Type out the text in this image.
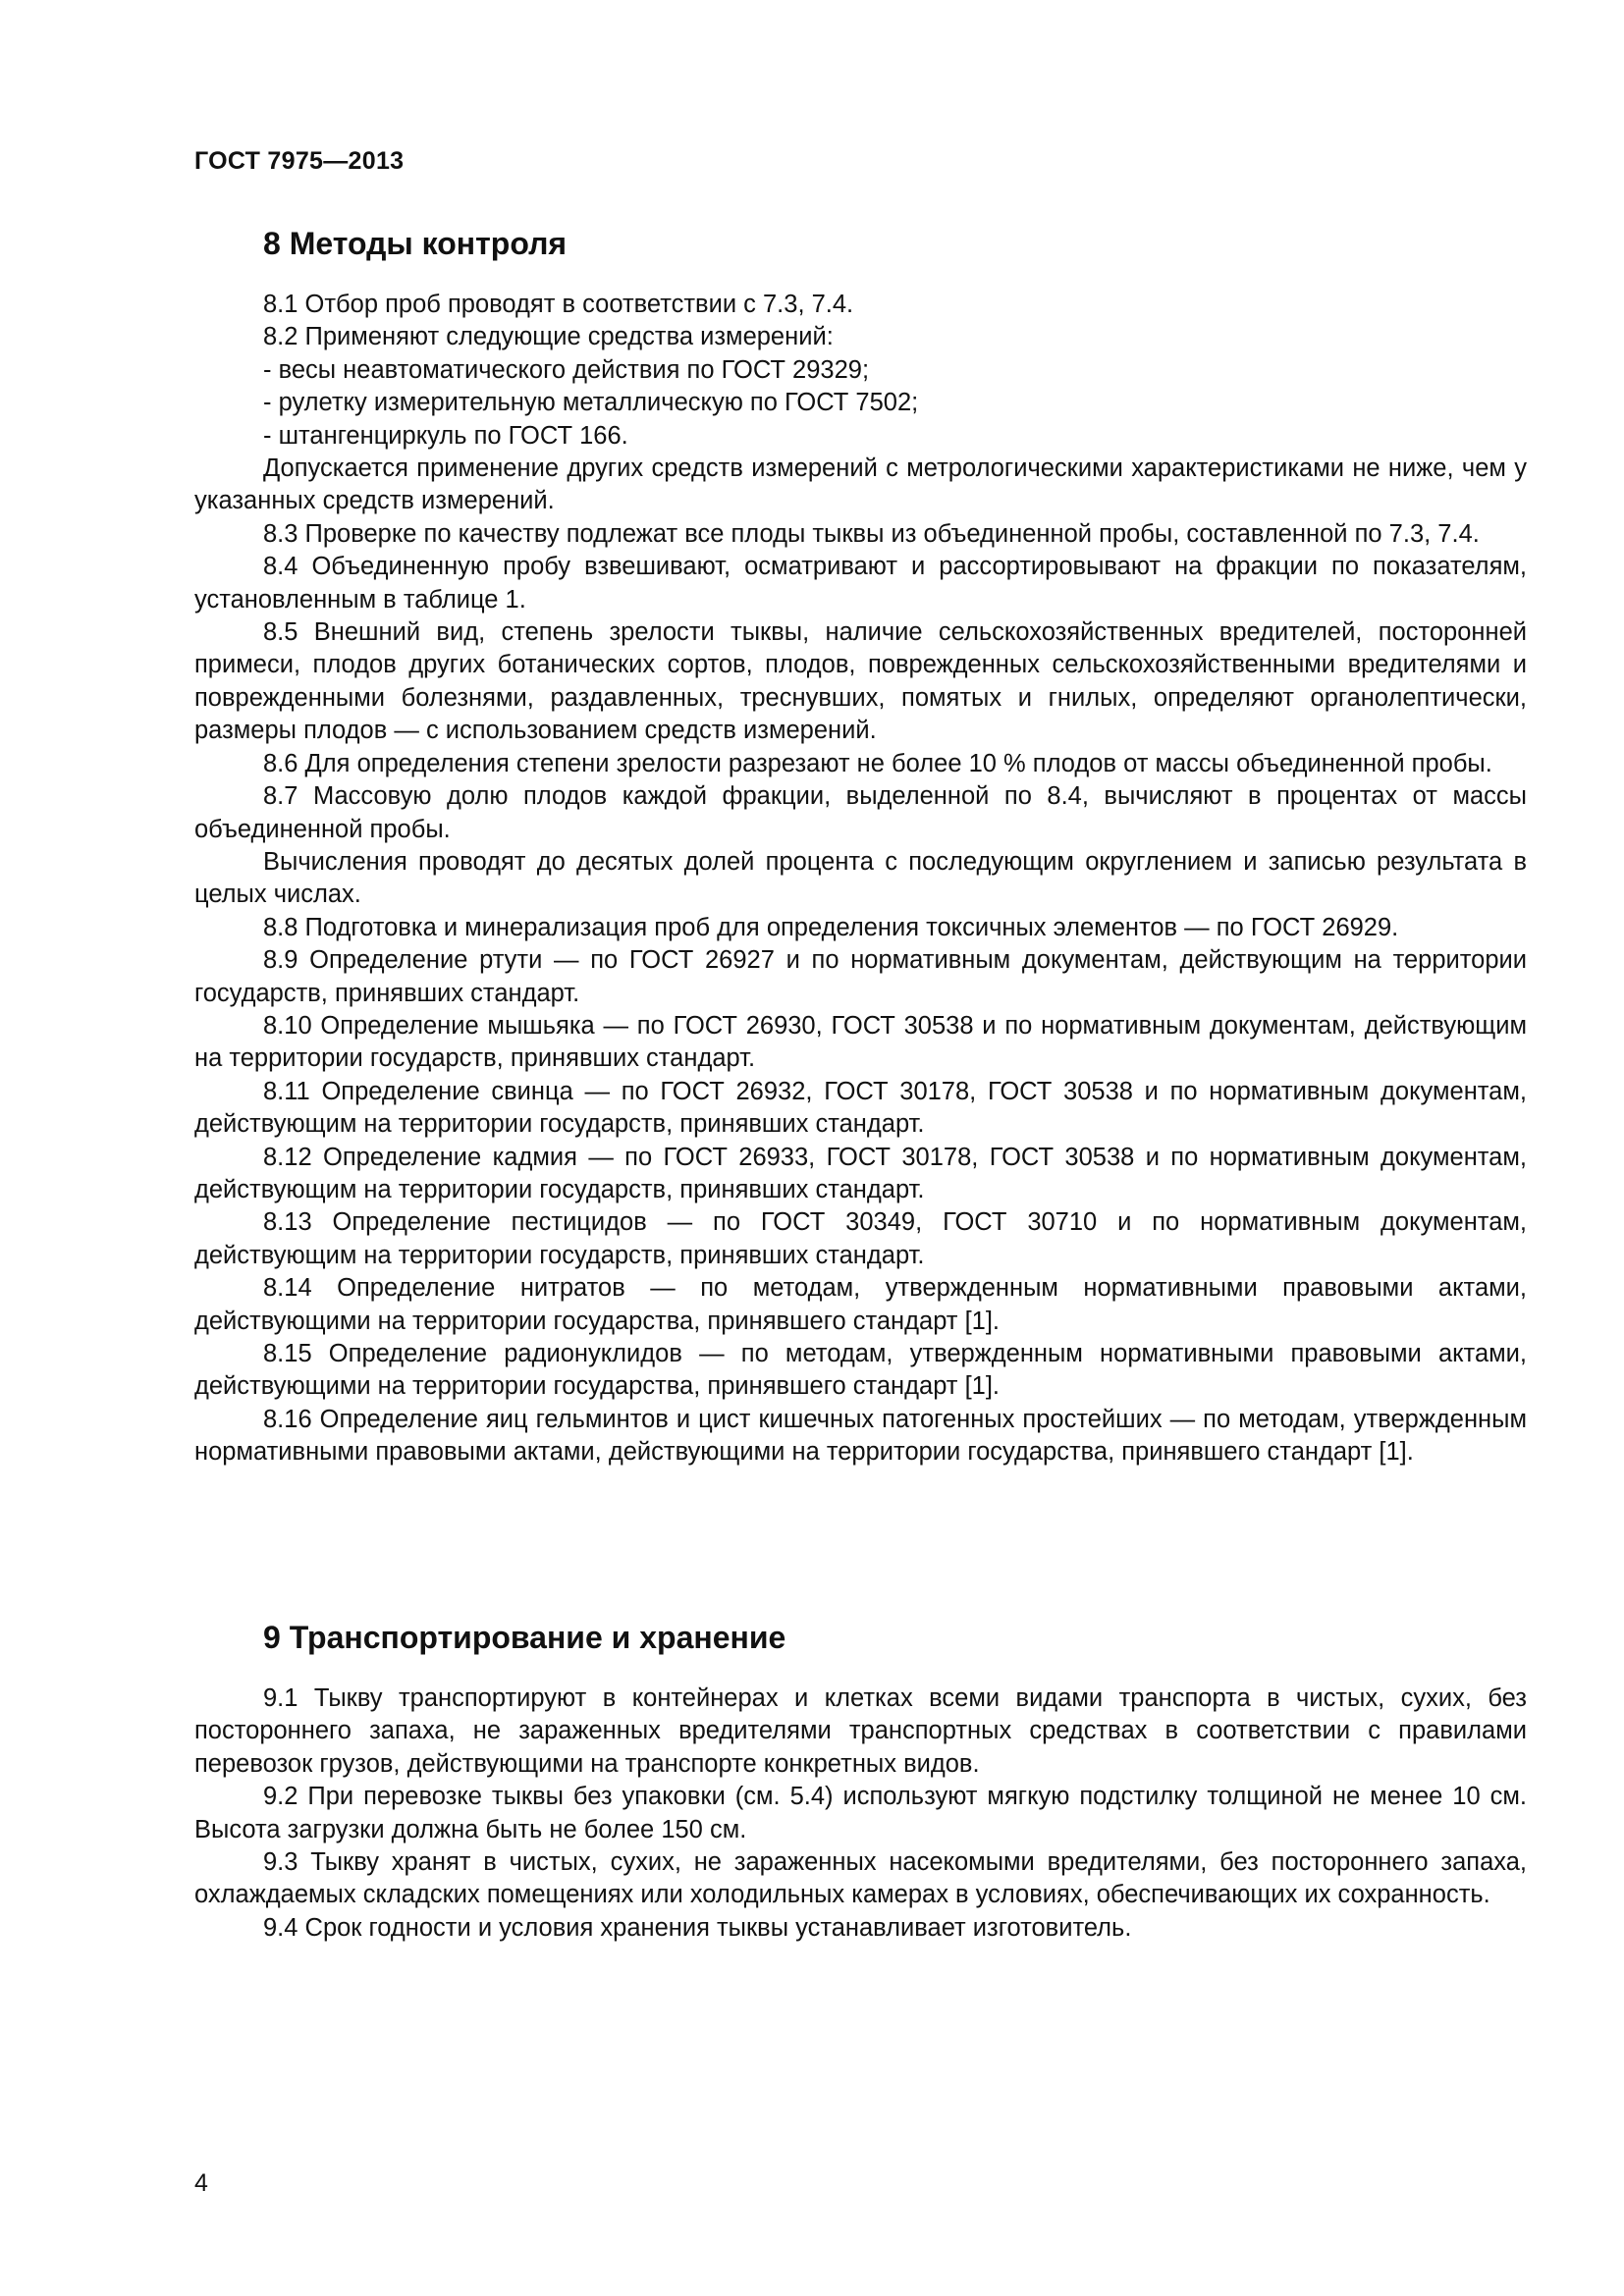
ГОСТ 7975—2013
8 Методы контроля

8.1 Отбор проб проводят в соответствии с 7.3, 7.4.

8.2 Применяют следующие средства измерений:

- весы неавтоматического действия по ГОСТ 29329;

- рулетку измерительную металлическую по ГОСТ 7502;

- штангенциркуль по ГОСТ 166.

Допускается применение других средств измерений с метрологическими характеристиками не ниже, чем у указанных средств измерений.

8.3 Проверке по качеству подлежат все плоды тыквы из объединенной пробы, составленной по 7.3, 7.4.

8.4 Объединенную пробу взвешивают, осматривают и рассортировывают на фракции по показателям, установленным в таблице 1.

8.5 Внешний вид, степень зрелости тыквы, наличие сельскохозяйственных вредителей, посторонней примеси, плодов других ботанических сортов, плодов, поврежденных сельскохозяйственными вредителями и поврежденными болезнями, раздавленных, треснувших, помятых и гнилых, определяют органолептически, размеры плодов — с использованием средств измерений.

8.6 Для определения степени зрелости разрезают не более 10 % плодов от массы объединенной пробы.

8.7 Массовую долю плодов каждой фракции, выделенной по 8.4, вычисляют в процентах от массы объединенной пробы.

Вычисления проводят до десятых долей процента с последующим округлением и записью результата в целых числах.

8.8 Подготовка и минерализация проб для определения токсичных элементов — по ГОСТ 26929.

8.9 Определение ртути — по ГОСТ 26927 и по нормативным документам, действующим на территории государств, принявших стандарт.

8.10 Определение мышьяка — по ГОСТ 26930, ГОСТ 30538 и по нормативным документам, действующим на территории государств, принявших стандарт.

8.11 Определение свинца — по ГОСТ 26932, ГОСТ 30178, ГОСТ 30538 и по нормативным документам, действующим на территории государств, принявших стандарт.

8.12 Определение кадмия — по ГОСТ 26933, ГОСТ 30178, ГОСТ 30538 и по нормативным документам, действующим на территории государств, принявших стандарт.

8.13 Определение пестицидов — по ГОСТ 30349, ГОСТ 30710 и по нормативным документам, действующим на территории государств, принявших стандарт.

8.14 Определение нитратов — по методам, утвержденным нормативными правовыми актами, действующими на территории государства, принявшего стандарт [1].

8.15 Определение радионуклидов — по методам, утвержденным нормативными правовыми актами, действующими на территории государства, принявшего стандарт [1].

8.16 Определение яиц гельминтов и цист кишечных патогенных простейших — по методам, утвержденным нормативными правовыми актами, действующими на территории государства, принявшего стандарт [1].

9 Транспортирование и хранение

9.1 Тыкву транспортируют в контейнерах и клетках всеми видами транспорта в чистых, сухих, без постороннего запаха, не зараженных вредителями транспортных средствах в соответствии с правилами перевозок грузов, действующими на транспорте конкретных видов.

9.2 При перевозке тыквы без упаковки (см. 5.4) используют мягкую подстилку толщиной не менее 10 см. Высота загрузки должна быть не более 150 см.

9.3 Тыкву хранят в чистых, сухих, не зараженных насекомыми вредителями, без постороннего запаха, охлаждаемых складских помещениях или холодильных камерах в условиях, обеспечивающих их сохранность.

9.4 Срок годности и условия хранения тыквы устанавливает изготовитель.

4
